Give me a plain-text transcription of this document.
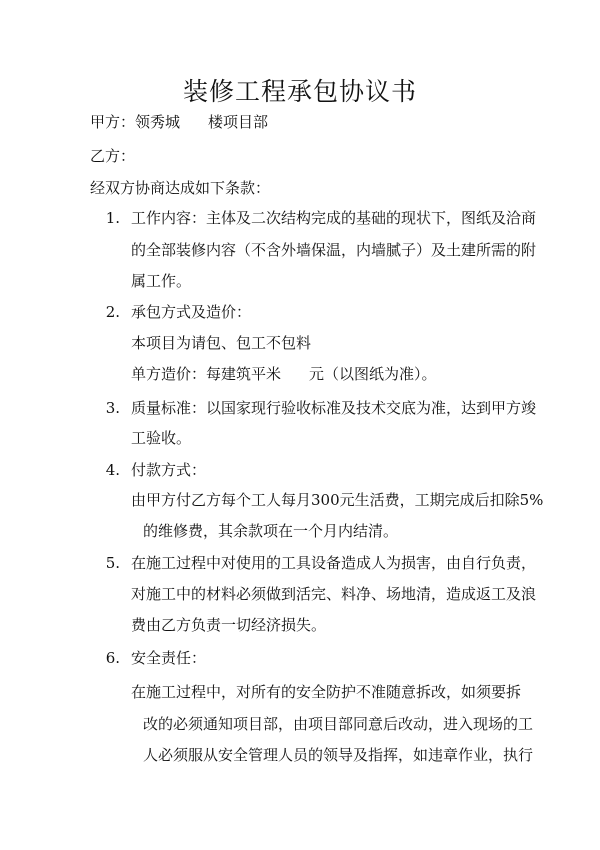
装修工程承包协议书
甲方：领秀城 楼项目部
乙方：
经双方协商达成如下条款：
1. 工作内容：主体及二次结构完成的基础的现状下，图纸及洽商
的全部装修内容（不含外墙保温，内墙腻子）及土建所需的附
属工作。
2. 承包方式及造价：
本项目为请包、包工不包料
单方造价：每建筑平米 元（以图纸为准）。
3. 质量标准：以国家现行验收标准及技术交底为准，达到甲方竣
工验收。
4. 付款方式：
由甲方付乙方每个工人每月300元生活费，工期完成后扣除5%
的维修费，其余款项在一个月内结清。
5. 在施工过程中对使用的工具设备造成人为损害，由自行负责，
对施工中的材料必须做到活完、料净、场地清，造成返工及浪
费由乙方负责一切经济损失。
6. 安全责任：
在施工过程中，对所有的安全防护不准随意拆改，如须要拆
改的必须通知项目部，由项目部同意后改动，进入现场的工
人必须服从安全管理人员的领导及指挥，如违章作业，执行
